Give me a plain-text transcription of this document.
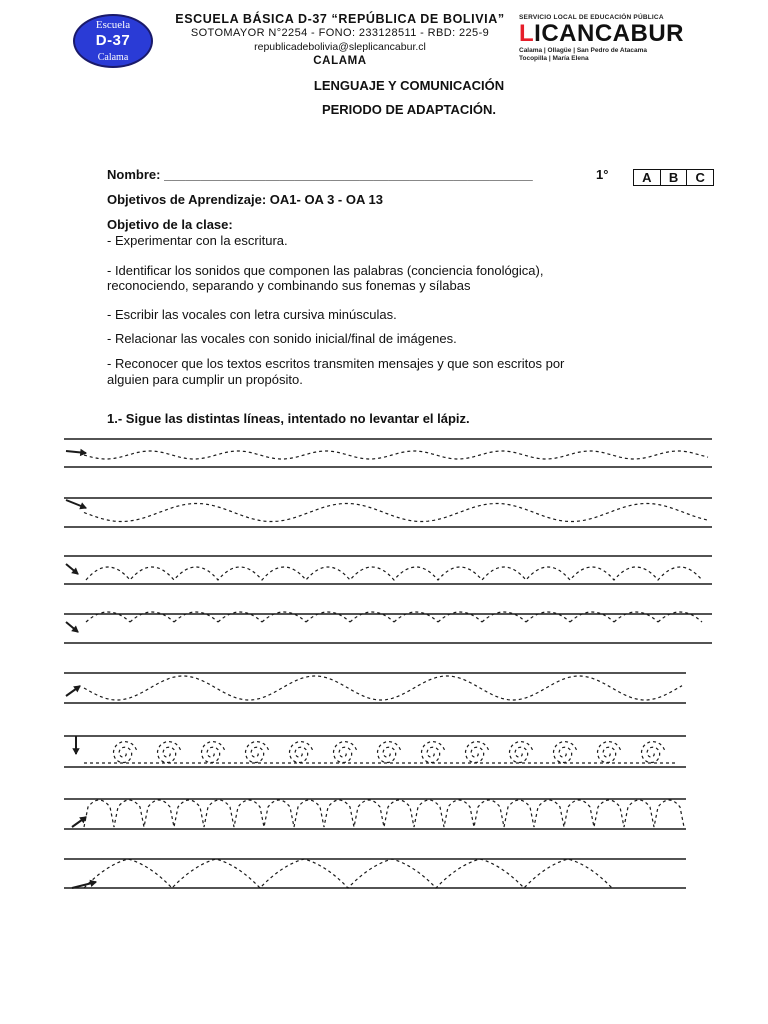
Escuela
D-37
Calama
ESCUELA BÁSICA D-37 “REPÚBLICA DE BOLIVIA”
SOTOMAYOR N°2254 - FONO: 233128511 - RBD: 225-9
republicadebolivia@sleplicancabur.cl
CALAMA
SERVICIO LOCAL DE EDUCACIÓN PÚBLICA
LICANCABUR
Calama | Ollagüe | San Pedro de Atacama
Tocopilla | María Elena
LENGUAJE Y COMUNICACIÓN
PERIODO DE ADAPTACIÓN.
Nombre: ___________________________________________________	1°	A	B	C
Objetivos de Aprendizaje: OA1- OA 3 - OA 13
Objetivo de la clase:
- Experimentar con la escritura.
- Identificar los sonidos que componen las palabras (conciencia fonológica),
reconociendo, separando y combinando sus fonemas y sílabas
- Escribir las vocales con letra cursiva minúsculas.
- Relacionar las vocales con sonido inicial/final de imágenes.
- Reconocer que los textos escritos transmiten mensajes y que son escritos por
alguien para cumplir un propósito.
1.- Sigue las distintas líneas, intentado no levantar el lápiz.
